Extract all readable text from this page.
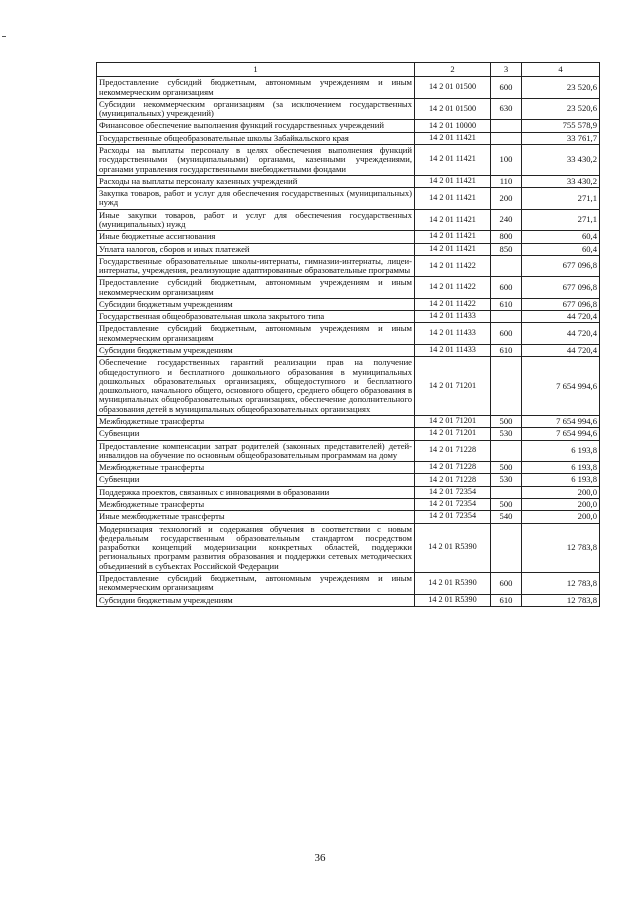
1	2	3	4
Предоставление субсидий бюджетным, автономным учреждениям и иным некоммерческим организациям	14 2 01 01500	600	23 520,6
Субсидии некоммерческим организациям (за исключением государственных (муниципальных) учреждений)	14 2 01 01500	630	23 520,6
Финансовое обеспечение выполнения функций государственных учреждений	14 2 01 10000		755 578,9
Государственные общеобразовательные школы Забайкальского края	14 2 01 11421		33 761,7
Расходы на выплаты персоналу в целях обеспечения выполнения функций государственными (муниципальными) органами, казенными учреждениями, органами управления государственными внебюджетными фондами	14 2 01 11421	100	33 430,2
Расходы на выплаты персоналу казенных учреждений	14 2 01 11421	110	33 430,2
Закупка товаров, работ и услуг для обеспечения государственных (муниципальных) нужд	14 2 01 11421	200	271,1
Иные закупки товаров, работ и услуг для обеспечения государственных (муниципальных) нужд	14 2 01 11421	240	271,1
Иные бюджетные ассигнования	14 2 01 11421	800	60,4
Уплата налогов, сборов и иных платежей	14 2 01 11421	850	60,4
Государственные образовательные школы-интернаты, гимназии-интернаты, лицеи-интернаты, учреждения, реализующие адаптированные образовательные программы	14 2 01 11422		677 096,8
Предоставление субсидий бюджетным, автономным учреждениям и иным некоммерческим организациям	14 2 01 11422	600	677 096,8
Субсидии бюджетным учреждениям	14 2 01 11422	610	677 096,8
Государственная общеобразовательная школа закрытого типа	14 2 01 11433		44 720,4
Предоставление субсидий бюджетным, автономным учреждениям и иным некоммерческим организациям	14 2 01 11433	600	44 720,4
Субсидии бюджетным учреждениям	14 2 01 11433	610	44 720,4
Обеспечение государственных гарантий реализации прав на получение общедоступного и бесплатного дошкольного образования в муниципальных дошкольных образовательных организациях, общедоступного и бесплатного дошкольного, начального общего, основного общего, среднего общего образования в муниципальных общеобразовательных организациях, обеспечение дополнительного образования детей в муниципальных общеобразовательных организациях	14 2 01 71201		7 654 994,6
Межбюджетные трансферты	14 2 01 71201	500	7 654 994,6
Субвенции	14 2 01 71201	530	7 654 994,6
Предоставление компенсации затрат родителей (законных представителей) детей-инвалидов на обучение по основным общеобразовательным программам на дому	14 2 01 71228		6 193,8
Межбюджетные трансферты	14 2 01 71228	500	6 193,8
Субвенции	14 2 01 71228	530	6 193,8
Поддержка проектов, связанных с инновациями в образовании	14 2 01 72354		200,0
Межбюджетные трансферты	14 2 01 72354	500	200,0
Иные межбюджетные трансферты	14 2 01 72354	540	200,0
Модернизация технологий и содержания обучения в соответствии с новым федеральным государственным образовательным стандартом посредством разработки концепций модернизации конкретных областей, поддержки региональных программ развития образования и поддержки сетевых методических объединений в субъектах Российской Федерации	14 2 01 R5390		12 783,8
Предоставление субсидий бюджетным, автономным учреждениям и иным некоммерческим организациям	14 2 01 R5390	600	12 783,8
Субсидии бюджетным учреждениям	14 2 01 R5390	610	12 783,8
36
